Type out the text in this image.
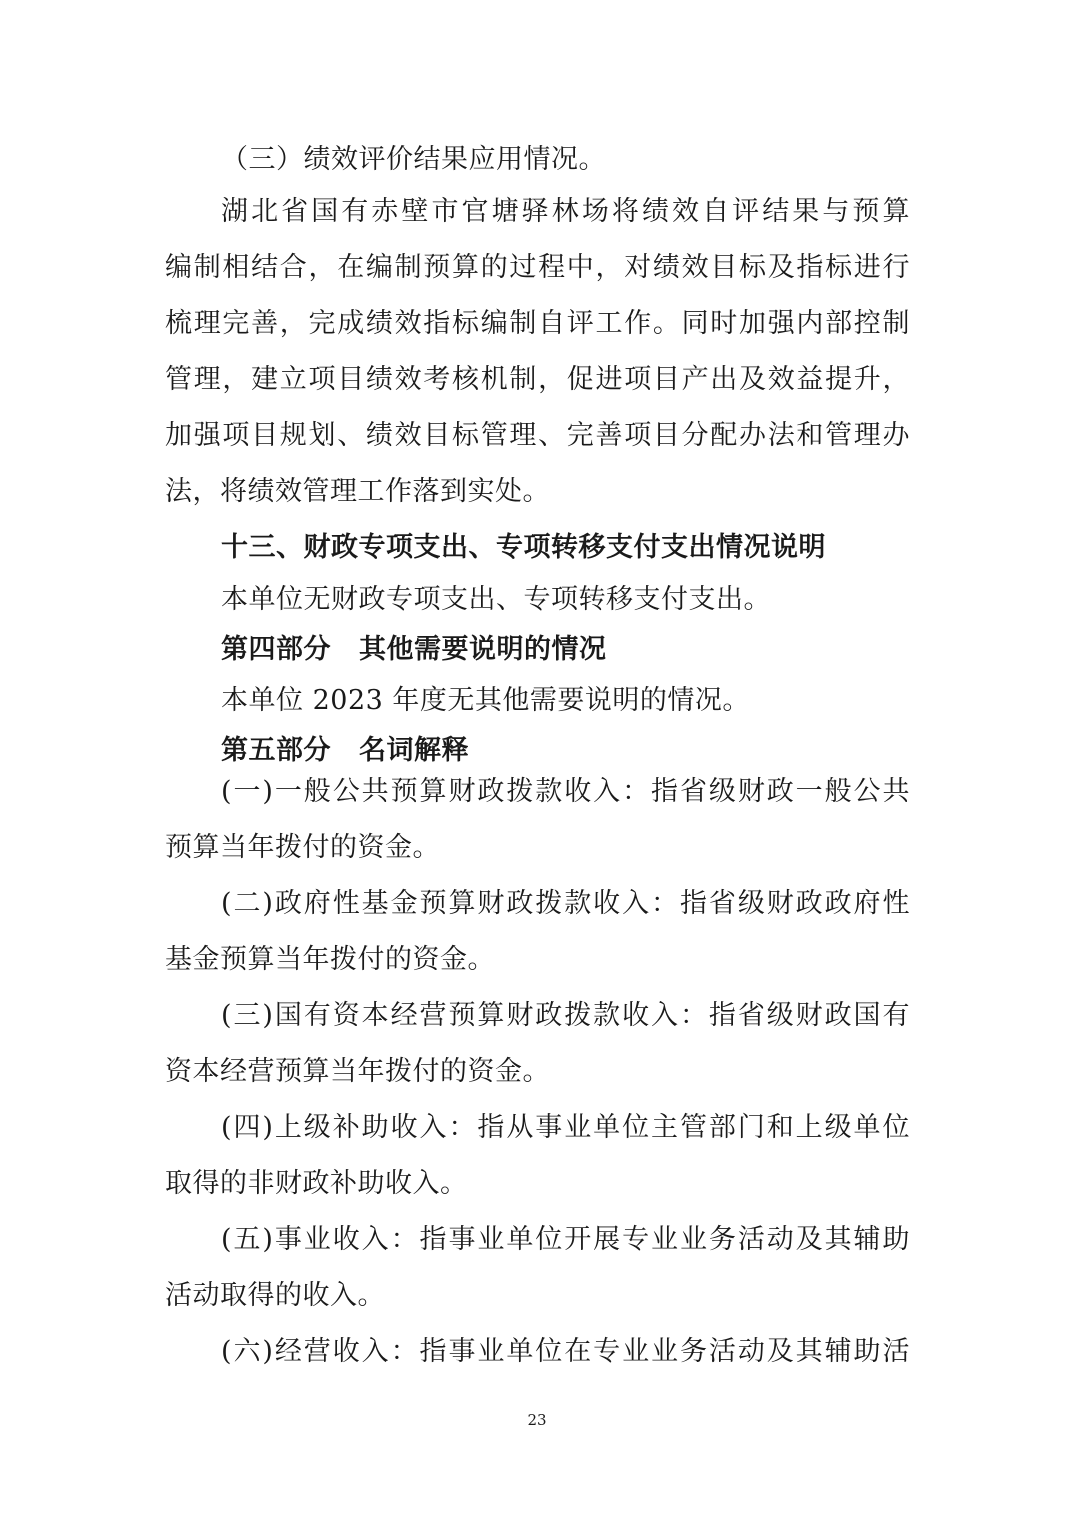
（三）绩效评价结果应用情况。
湖北省国有赤壁市官塘驿林场将绩效自评结果与预算
编制相结合，在编制预算的过程中，对绩效目标及指标进行
梳理完善，完成绩效指标编制自评工作。同时加强内部控制
管理，建立项目绩效考核机制，促进项目产出及效益提升，
加强项目规划、绩效目标管理、完善项目分配办法和管理办
法，将绩效管理工作落到实处。
十三、财政专项支出、专项转移支付支出情况说明
本单位无财政专项支出、专项转移支付支出。
第四部分 其他需要说明的情况
本单位 2023 年度无其他需要说明的情况。
第五部分 名词解释
(一)一般公共预算财政拨款收入：指省级财政一般公共
预算当年拨付的资金。
(二)政府性基金预算财政拨款收入：指省级财政政府性
基金预算当年拨付的资金。
(三)国有资本经营预算财政拨款收入：指省级财政国有
资本经营预算当年拨付的资金。
(四)上级补助收入：指从事业单位主管部门和上级单位
取得的非财政补助收入。
(五)事业收入：指事业单位开展专业业务活动及其辅助
活动取得的收入。
(六)经营收入：指事业单位在专业业务活动及其辅助活
23
